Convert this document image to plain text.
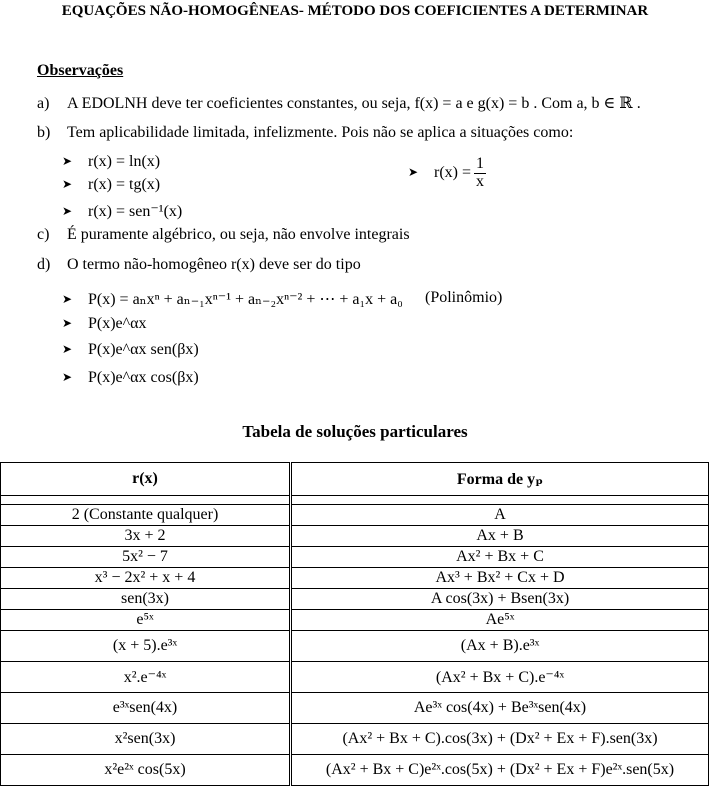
EQUAÇÕES NÃO-HOMOGÊNEAS- MÉTODO DOS COEFICIENTES A DETERMINAR
Observações
a) A EDOLNH deve ter coeficientes constantes, ou seja, f(x) = a e g(x) = b . Com a, b ∈ ℝ .
b) Tem aplicabilidade limitada, infelizmente. Pois não se aplica a situações como:
➤ r(x) = ln(x)
➤ r(x) = tg(x)
➤ r(x) = sen⁻¹(x)
➤ $r(x) = \frac{1}{x}$
c) É puramente algébrico, ou seja, não envolve integrais
d) O termo não-homogêneo r(x) deve ser do tipo
➤ P(x) = aₙxⁿ + aₙ₋₁xⁿ⁻¹ + aₙ₋₂xⁿ⁻² + ⋯ + a₁x + a₀ (Polinômio)
➤ P(x)e^αx
➤ P(x)e^αx sen(βx)
➤ P(x)e^αx cos(βx)
Tabela de soluções particulares
r(x)	Forma de yₚ

2 (Constante qualquer)	A
3x + 2	Ax + B
5x² − 7	Ax² + Bx + C
x³ − 2x² + x + 4	Ax³ + Bx² + Cx + D
sen(3x)	A cos(3x) + Bsen(3x)
e⁵ˣ	Ae⁵ˣ
(x + 5).e³ˣ	(Ax + B).e³ˣ
x².e⁻⁴ˣ	(Ax² + Bx + C).e⁻⁴ˣ
e³ˣsen(4x)	Ae³ˣ cos(4x) + Be³ˣsen(4x)
x²sen(3x)	(Ax² + Bx + C).cos(3x) + (Dx² + Ex + F).sen(3x)
x²e²ˣ cos(5x)	(Ax² + Bx + C)e²ˣ.cos(5x) + (Dx² + Ex + F)e²ˣ.sen(5x)
